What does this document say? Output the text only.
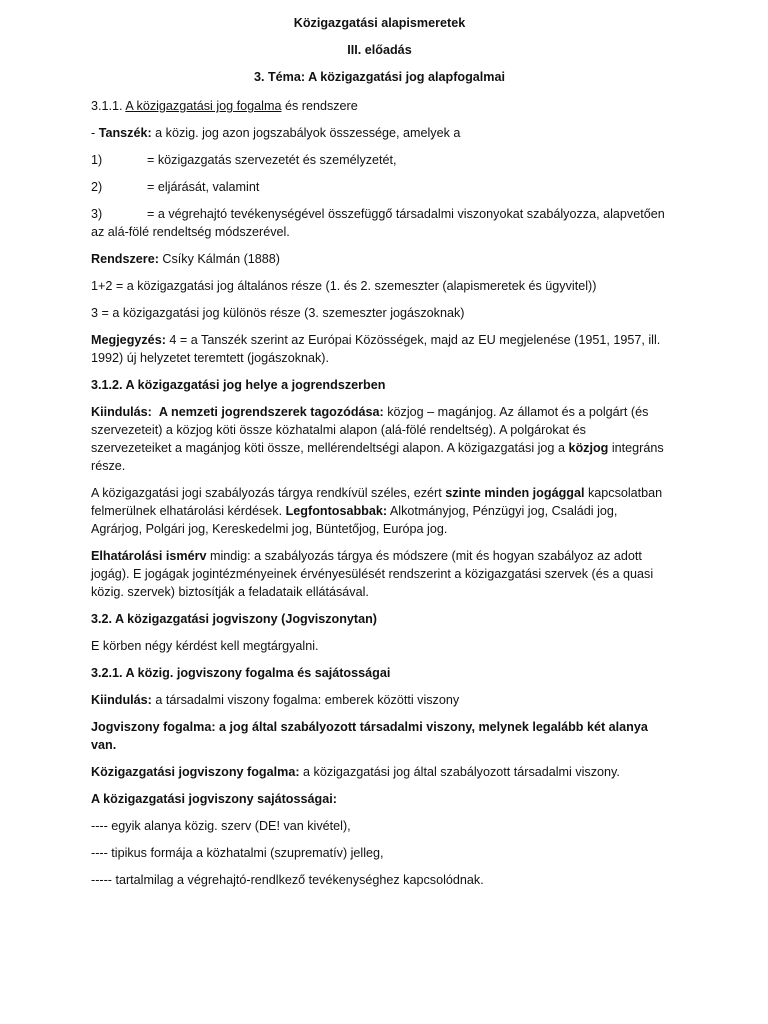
Közigazgatási alapismeretek

III. előadás

3. Téma: A közigazgatási jog alapfogalmai

3.1.1. A közigazgatási jog fogalma és rendszere

- Tanszék: a közig. jog azon jogszabályok összessége, amelyek a

1)	= közigazgatás szervezetét és személyzetét,
2)	= eljárását, valamint
3)	= a végrehajtó tevékenységével összefüggő társadalmi viszonyokat szabályozza, alapvetően
az alá-fölé rendeltség módszerével.

Rendszere: Csíky Kálmán (1888)

1+2 = a közigazgatási jog általános része (1. és 2. szemeszter (alapismeretek és ügyvitel))

3 = a közigazgatási jog különös része (3. szemeszter jogászoknak)

Megjegyzés: 4 = a Tanszék szerint az Európai Közösségek, majd az EU megjelenése (1951, 1957, ill. 1992) új helyzetet teremtett (jogászoknak).

3.1.2. A közigazgatási jog helye a jogrendszerben

Kiindulás: A nemzeti jogrendszerek tagozódása: közjog – magánjog. Az államot és a polgárt (és szervezeteit) a közjog köti össze közhatalmi alapon (alá-fölé rendeltség). A polgárokat és szervezeteiket a magánjog köti össze, mellérendeltségi alapon. A közigazgatási jog a közjog integráns része.

A közigazgatási jogi szabályozás tárgya rendkívül széles, ezért szinte minden jogággal kapcsolatban felmerülnek elhatárolási kérdések. Legfontosabbak: Alkotmányjog, Pénzügyi jog, Családi jog, Agrárjog, Polgári jog, Kereskedelmi jog, Büntetőjog, Európa jog.

Elhatárolási ismérv mindig: a szabályozás tárgya és módszere (mit és hogyan szabályoz az adott jogág). E jogágak jogintézményeinek érvényesülését rendszerint a közigazgatási szervek (és a quasi közig. szervek) biztosítják a feladataik ellátásával.

3.2. A közigazgatási jogviszony (Jogviszonytan)

E körben négy kérdést kell megtárgyalni.

3.2.1. A közig. jogviszony fogalma és sajátosságai

Kiindulás: a társadalmi viszony fogalma: emberek közötti viszony

Jogviszony fogalma: a jog által szabályozott társadalmi viszony, melynek legalább két alanya van.

Közigazgatási jogviszony fogalma: a közigazgatási jog által szabályozott társadalmi viszony.

A közigazgatási jogviszony sajátosságai:

---- egyik alanya közig. szerv (DE! van kivétel),

---- tipikus formája a közhatalmi (szuprematív) jelleg,

----- tartalmilag a végrehajtó-rendlkező tevékenységhez kapcsolódnak.
